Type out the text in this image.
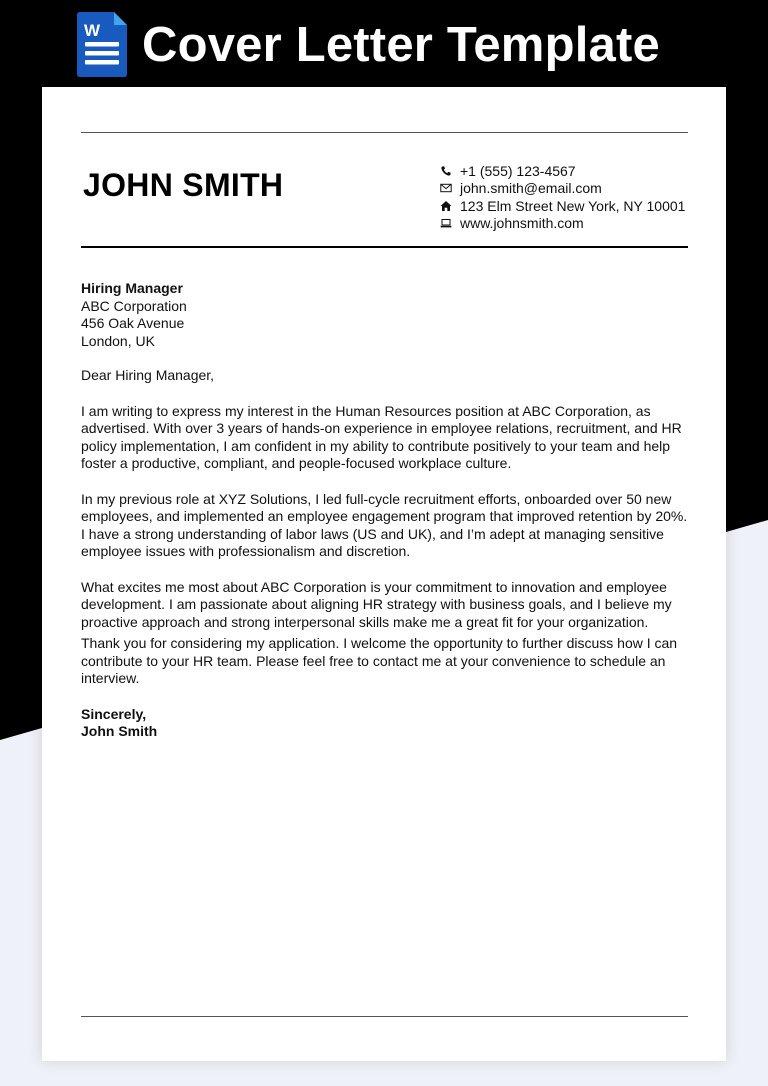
W Cover Letter Template
JOHN SMITH	+1 (555) 123-4567
john.smith@email.com
123 Elm Street New York, NY 10001
www.johnsmith.com

Hiring Manager

ABC Corporation

456 Oak Avenue

London, UK

Dear Hiring Manager,

I am writing to express my interest in the Human Resources position at ABC Corporation, as advertised. With over 3 years of hands-on experience in employee relations, recruitment, and HR policy implementation, I am confident in my ability to contribute positively to your team and help foster a productive, compliant, and people-focused workplace culture.

In my previous role at XYZ Solutions, I led full-cycle recruitment efforts, onboarded over 50 new employees, and implemented an employee engagement program that improved retention by 20%. I have a strong understanding of labor laws (US and UK), and I’m adept at managing sensitive employee issues with professionalism and discretion.

What excites me most about ABC Corporation is your commitment to innovation and employee development. I am passionate about aligning HR strategy with business goals, and I believe my proactive approach and strong interpersonal skills make me a great fit for your organization.

Thank you for considering my application. I welcome the opportunity to further discuss how I can contribute to your HR team. Please feel free to contact me at your convenience to schedule an interview.

Sincerely,

John Smith
